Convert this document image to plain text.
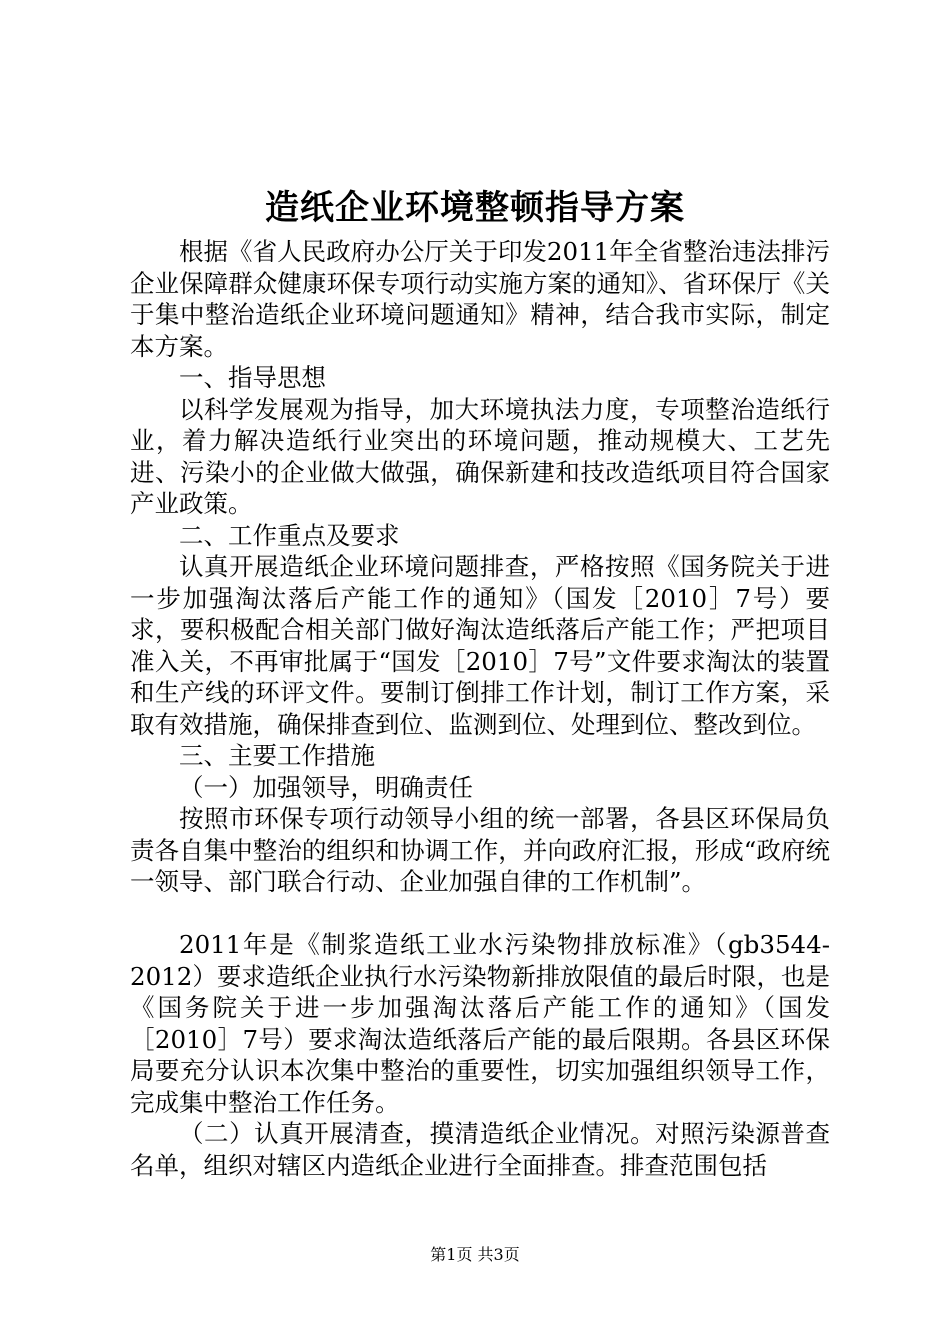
造纸企业环境整顿指导方案

根据《省人民政府办公厅关于印发2011年全省整治违法排污企业保障群众健康环保专项行动实施方案的通知》、省环保厅《关于集中整治造纸企业环境问题通知》精神，结合我市实际，制定本方案。

一、指导思想

以科学发展观为指导，加大环境执法力度，专项整治造纸行业，着力解决造纸行业突出的环境问题，推动规模大、工艺先进、污染小的企业做大做强，确保新建和技改造纸项目符合国家产业政策。

二、工作重点及要求

认真开展造纸企业环境问题排查，严格按照《国务院关于进一步加强淘汰落后产能工作的通知》（国发［2010］7号）要求，要积极配合相关部门做好淘汰造纸落后产能工作；严把项目准入关，不再审批属于“国发［2010］7号”文件要求淘汰的装置和生产线的环评文件。要制订倒排工作计划，制订工作方案，采取有效措施，确保排查到位、监测到位、处理到位、整改到位。

三、主要工作措施

（一）加强领导，明确责任

按照市环保专项行动领导小组的统一部署，各县区环保局负责各自集中整治的组织和协调工作，并向政府汇报，形成“政府统一领导、部门联合行动、企业加强自律的工作机制”。

2011年是《制浆造纸工业水污染物排放标准》（gb3544-2012）要求造纸企业执行水污染物新排放限值的最后时限，也是《国务院关于进一步加强淘汰落后产能工作的通知》（国发［2010］7号）要求淘汰造纸落后产能的最后限期。各县区环保局要充分认识本次集中整治的重要性，切实加强组织领导工作，完成集中整治工作任务。

（二）认真开展清查，摸清造纸企业情况。对照污染源普查名单，组织对辖区内造纸企业进行全面排查。排查范围包括

第1页 共3页
